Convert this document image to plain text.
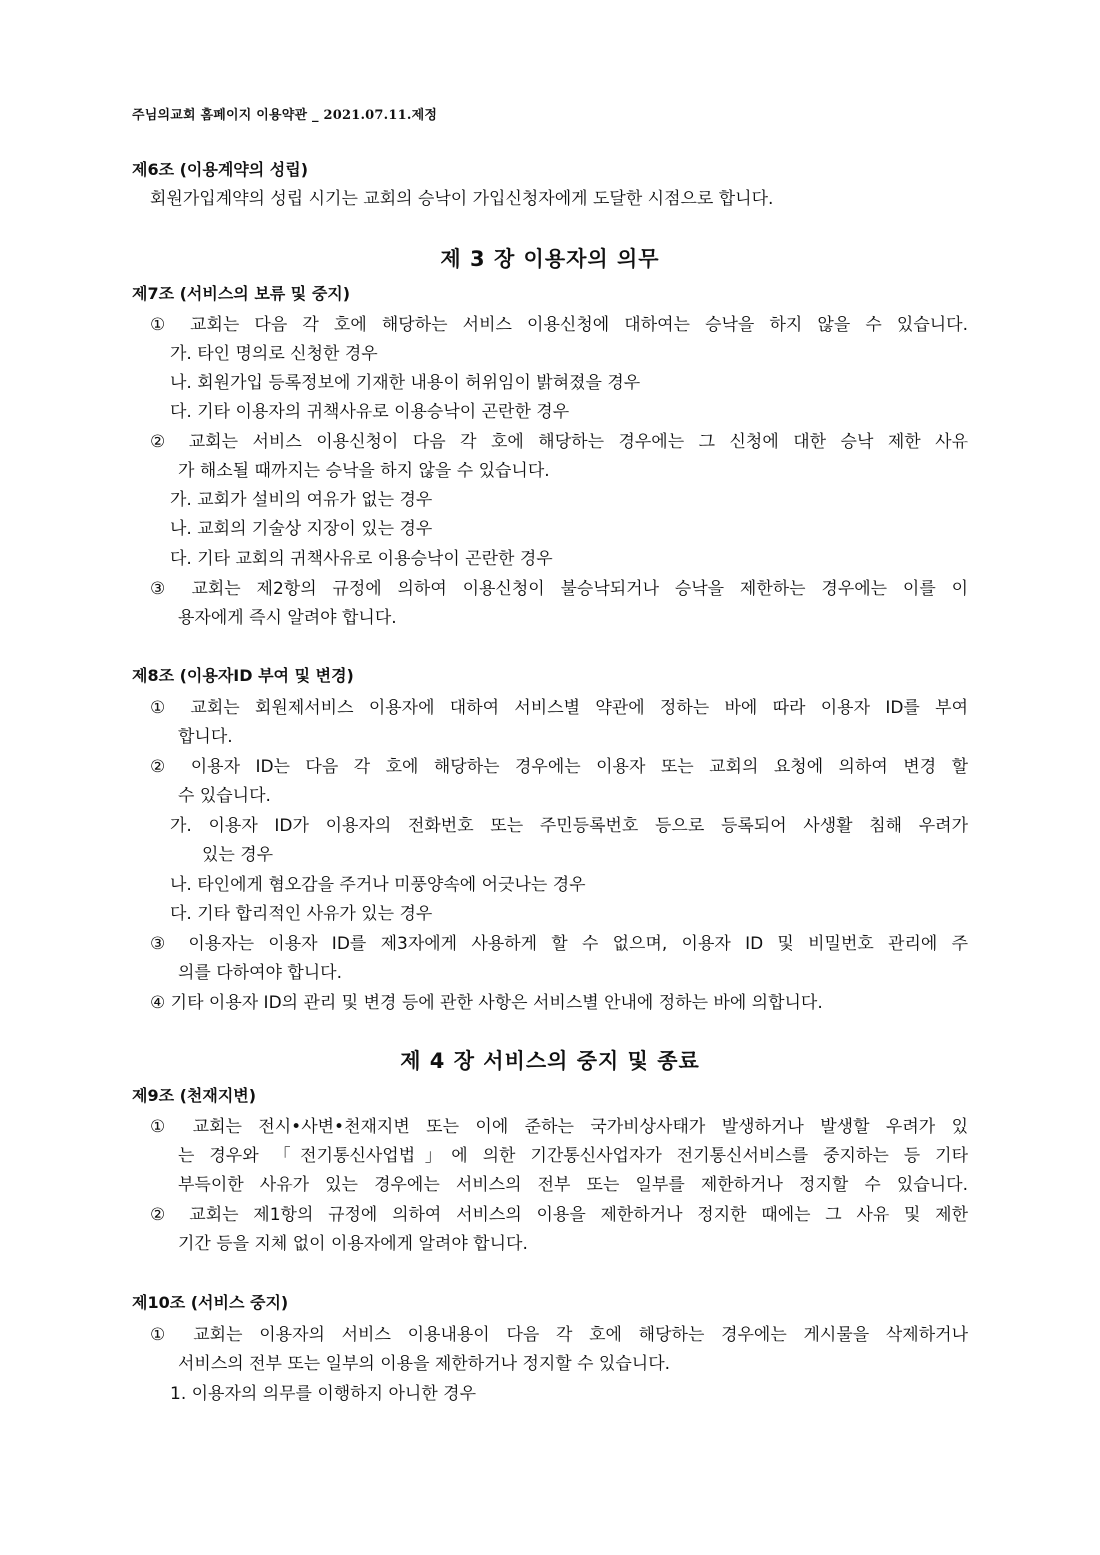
주님의교회 홈페이지 이용약관 _ 2021.07.11.제정
제6조 (이용계약의 성립)
회원가입계약의 성립 시기는 교회의 승낙이 가입신청자에게 도달한 시점으로 합니다.
제 3 장 이용자의 의무
제7조 (서비스의 보류 및 중지)
① 교회는 다음 각 호에 해당하는 서비스 이용신청에 대하여는 승낙을 하지 않을 수 있습니다.
가. 타인 명의로 신청한 경우
나. 회원가입 등록정보에 기재한 내용이 허위임이 밝혀졌을 경우
다. 기타 이용자의 귀책사유로 이용승낙이 곤란한 경우
② 교회는 서비스 이용신청이 다음 각 호에 해당하는 경우에는 그 신청에 대한 승낙 제한 사유
가 해소될 때까지는 승낙을 하지 않을 수 있습니다.
가. 교회가 설비의 여유가 없는 경우
나. 교회의 기술상 지장이 있는 경우
다. 기타 교회의 귀책사유로 이용승낙이 곤란한 경우
③ 교회는 제2항의 규정에 의하여 이용신청이 불승낙되거나 승낙을 제한하는 경우에는 이를 이
용자에게 즉시 알려야 합니다.
제8조 (이용자ID 부여 및 변경)
① 교회는 회원제서비스 이용자에 대하여 서비스별 약관에 정하는 바에 따라 이용자 ID를 부여
합니다.
② 이용자 ID는 다음 각 호에 해당하는 경우에는 이용자 또는 교회의 요청에 의하여 변경 할
수 있습니다.
가. 이용자 ID가 이용자의 전화번호 또는 주민등록번호 등으로 등록되어 사생활 침해 우려가
있는 경우
나. 타인에게 혐오감을 주거나 미풍양속에 어긋나는 경우
다. 기타 합리적인 사유가 있는 경우
③ 이용자는 이용자 ID를 제3자에게 사용하게 할 수 없으며, 이용자 ID 및 비밀번호 관리에 주
의를 다하여야 합니다.
④ 기타 이용자 ID의 관리 및 변경 등에 관한 사항은 서비스별 안내에 정하는 바에 의합니다.
제 4 장 서비스의 중지 및 종료
제9조 (천재지변)
① 교회는 전시•사변•천재지변 또는 이에 준하는 국가비상사태가 발생하거나 발생할 우려가 있
는 경우와 「전기통신사업법」에 의한 기간통신사업자가 전기통신서비스를 중지하는 등 기타
부득이한 사유가 있는 경우에는 서비스의 전부 또는 일부를 제한하거나 정지할 수 있습니다.
② 교회는 제1항의 규정에 의하여 서비스의 이용을 제한하거나 정지한 때에는 그 사유 및 제한
기간 등을 지체 없이 이용자에게 알려야 합니다.
제10조 (서비스 중지)
① 교회는 이용자의 서비스 이용내용이 다음 각 호에 해당하는 경우에는 게시물을 삭제하거나
서비스의 전부 또는 일부의 이용을 제한하거나 정지할 수 있습니다.
1. 이용자의 의무를 이행하지 아니한 경우
